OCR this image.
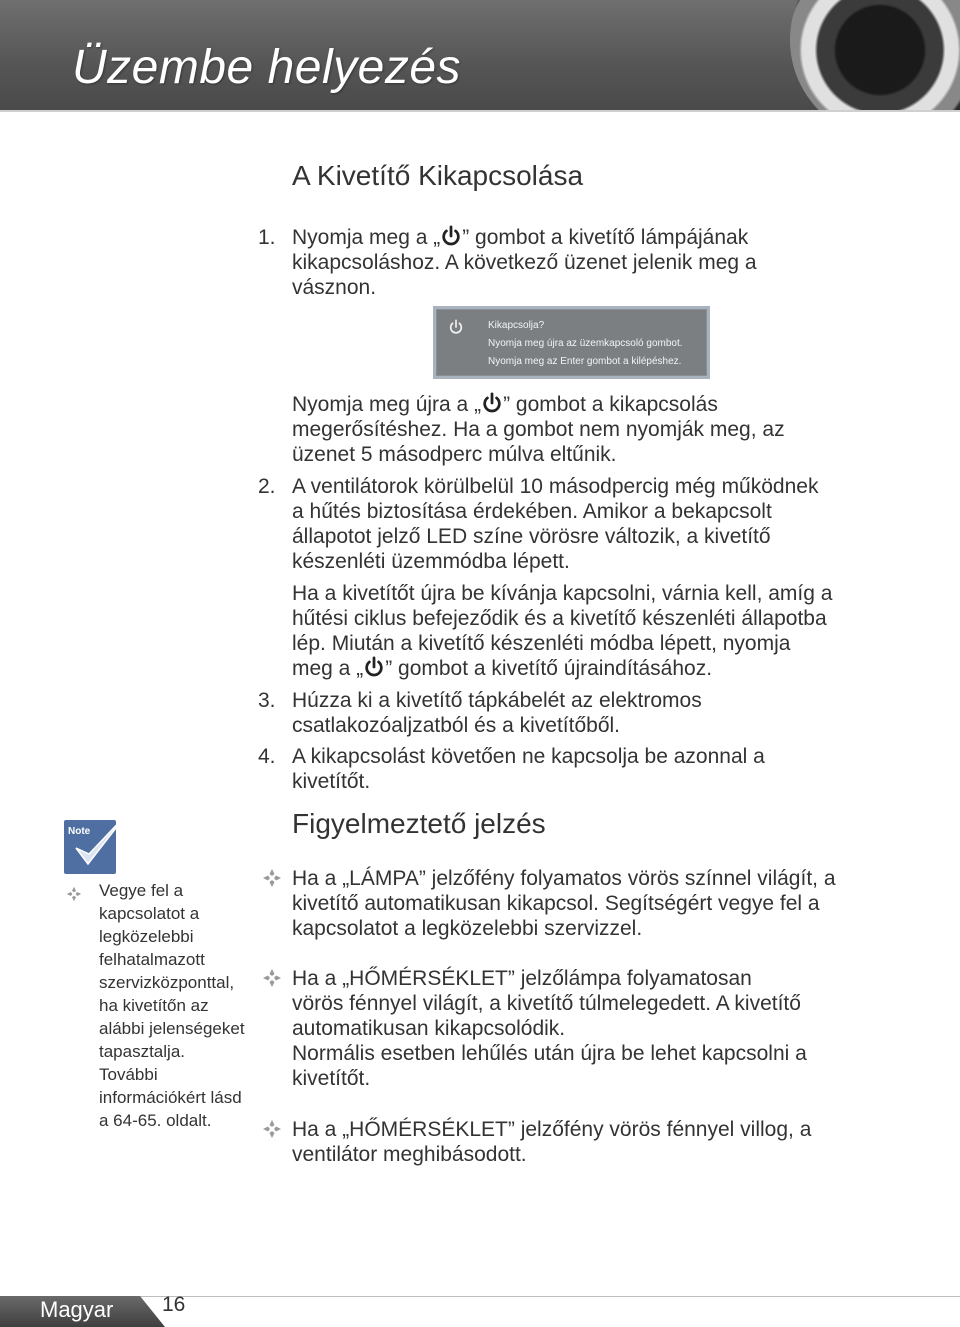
Üzembe helyezés
A Kivetítő Kikapcsolása
1. Nyomja meg a „ ” gombot a kivetítő lámpájának
kikapcsoláshoz. A következő üzenet jelenik meg a
vásznon.
Kikapcsolja?
Nyomja meg újra az üzemkapcsoló gombot.
Nyomja meg az Enter gombot a kilépéshez.
Nyomja meg újra a „ ” gombot a kikapcsolás
megerősítéshez. Ha a gombot nem nyomják meg, az
üzenet 5 másodperc múlva eltűnik.
2. A ventilátorok körülbelül 10 másodpercig még működnek
a hűtés biztosítása érdekében. Amikor a bekapcsolt
állapotot jelző LED színe vörösre változik, a kivetítő
készenléti üzemmódba lépett.
Ha a kivetítőt újra be kívánja kapcsolni, várnia kell, amíg a
hűtési ciklus befejeződik és a kivetítő készenléti állapotba
lép. Miután a kivetítő készenléti módba lépett, nyomja
meg a „ ” gombot a kivetítő újraindításához.
3. Húzza ki a kivetítő tápkábelét az elektromos
csatlakozóaljzatból és a kivetítőből.
4. A kikapcsolást követően ne kapcsolja be azonnal a
kivetítőt.
Figyelmeztető jelzés
Ha a „LÁMPA” jelzőfény folyamatos vörös színnel világít, a
kivetítő automatikusan kikapcsol. Segítségért vegye fel a
kapcsolatot a legközelebbi szervizzel.
Ha a „HŐMÉRSÉKLET” jelzőlámpa folyamatosan
vörös fénnyel világít, a kivetítő túlmelegedett. A kivetítő
automatikusan kikapcsolódik.
Normális esetben lehűlés után újra be lehet kapcsolni a
kivetítőt.
Ha a „HŐMÉRSÉKLET” jelzőfény vörös fénnyel villog, a
ventilátor meghibásodott.
Note
Vegye fel a
kapcsolatot a
legközelebbi
felhatalmazott
szervizközponttal,
ha kivetítőn az
alábbi jelenségeket
tapasztalja.
További
információkért lásd
a 64-65. oldalt.
Magyar 16
